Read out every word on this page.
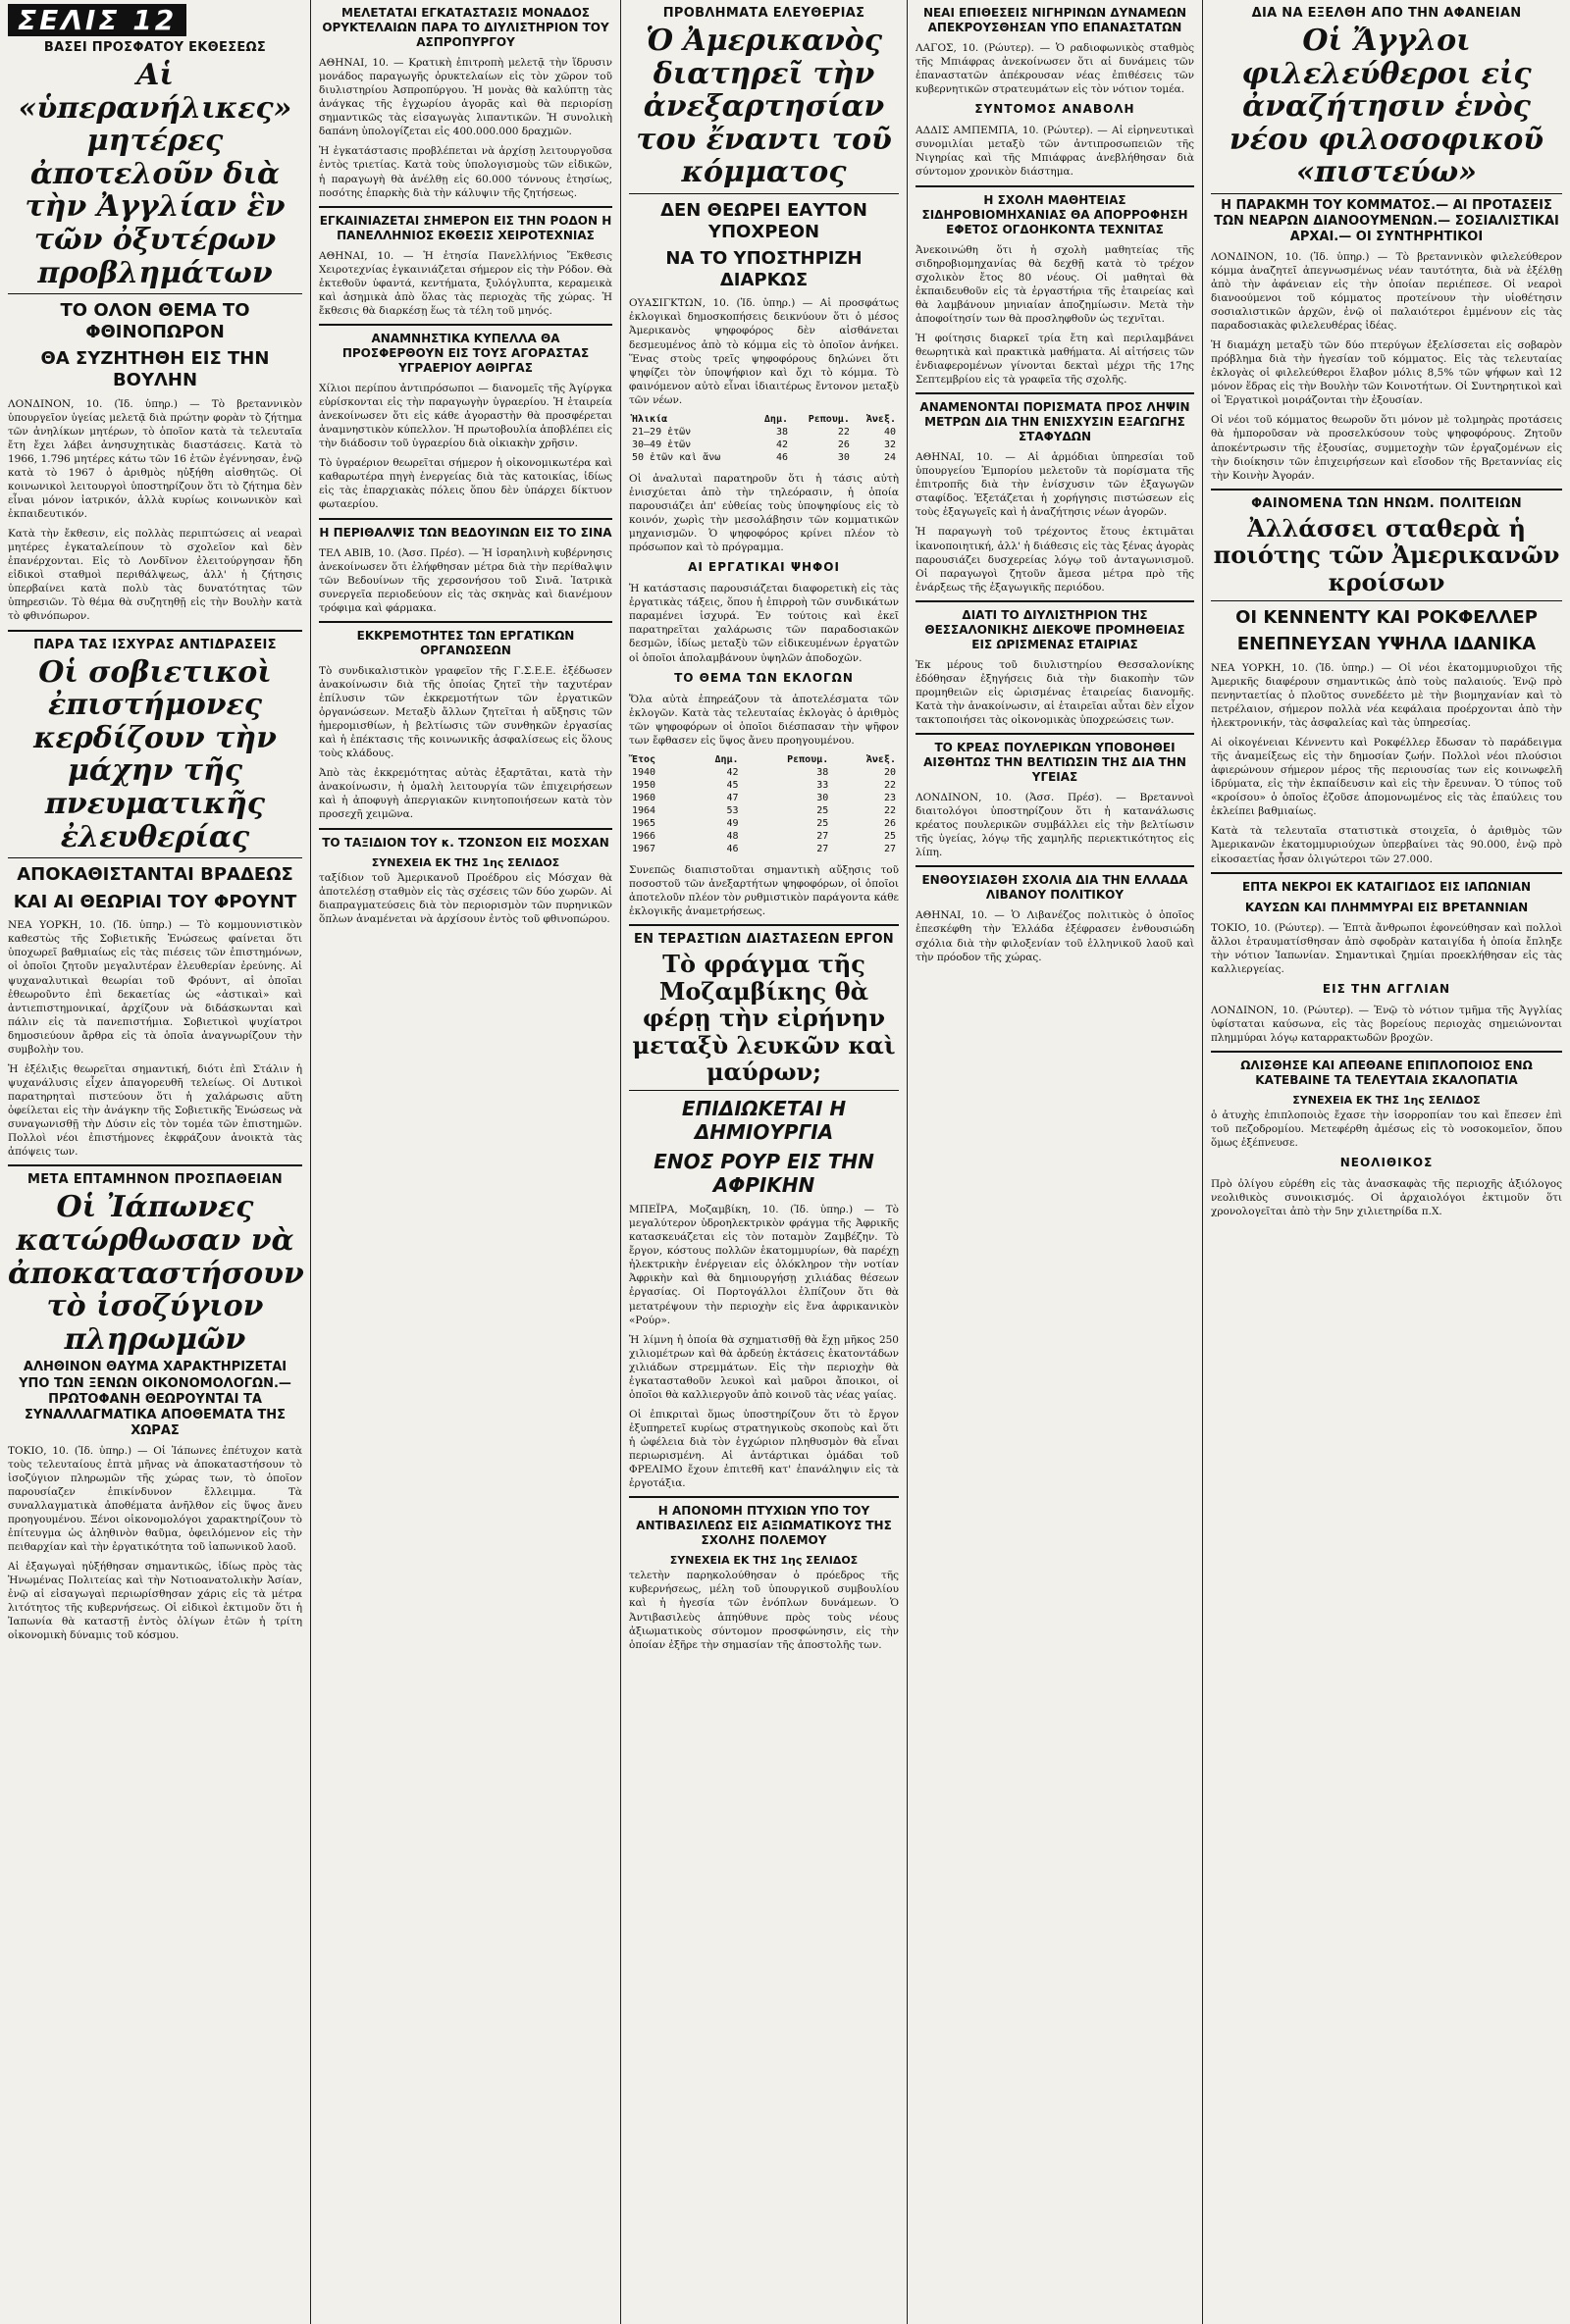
ΣΕΛΙΣ 12
ΒΑΣΕΙ ΠΡΟΣΦΑΤΟΥ ΕΚΘΕΣΕΩΣ
Αἱ «ὑπερανήλικες» μητέρες ἀποτελοῦν διὰ τὴν Ἀγγλίαν ἓν τῶν ὀξυτέρων προβλημάτων
ΤΟ ΟΛΟΝ ΘΕΜΑ ΤΟ ΦΘΙΝΟΠΩΡΟΝ
ΘΑ ΣΥΖΗΤΗΘΗ ΕΙΣ ΤΗΝ ΒΟΥΛΗΝ

ΛΟΝΔΙΝΟΝ, 10. (Ἰδ. ὑπηρ.) — Τὸ βρεταννικὸν ὑπουργεῖον ὑγείας μελετᾷ διὰ πρώτην φορὰν τὸ ζήτημα τῶν ἀνηλίκων μητέρων, τὸ ὁποῖον κατὰ τὰ τελευταῖα ἔτη ἔχει λάβει ἀνησυχητικὰς διαστάσεις. Κατὰ τὸ 1966, 1.796 μητέρες κάτω τῶν 16 ἐτῶν ἐγέννησαν, ἐνῷ κατὰ τὸ 1967 ὁ ἀριθμὸς ηὐξήθη αἰσθητῶς. Οἱ κοινωνικοὶ λειτουργοὶ ὑποστηρίζουν ὅτι τὸ ζήτημα δὲν εἶναι μόνον ἰατρικόν, ἀλλὰ κυρίως κοινωνικὸν καὶ ἐκπαιδευτικόν.

Κατὰ τὴν ἔκθεσιν, εἰς πολλὰς περιπτώσεις αἱ νεαραὶ μητέρες ἐγκαταλείπουν τὸ σχολεῖον καὶ δὲν ἐπανέρχονται. Εἰς τὸ Λονδῖνον ἐλειτούργησαν ἤδη εἰδικοὶ σταθμοὶ περιθάλψεως, ἀλλ' ἡ ζήτησις ὑπερβαίνει κατὰ πολὺ τὰς δυνατότητας τῶν ὑπηρεσιῶν. Τὸ θέμα θὰ συζητηθῇ εἰς τὴν Βουλὴν κατὰ τὸ φθινόπωρον.

ΠΑΡΑ ΤΑΣ ΙΣΧΥΡΑΣ ΑΝΤΙΔΡΑΣΕΙΣ
Οἱ σοβιετικοὶ ἐπιστήμονες κερδίζουν τὴν μάχην τῆς πνευματικῆς ἐλευθερίας
ΑΠΟΚΑΘΙΣΤΑΝΤΑΙ ΒΡΑΔΕΩΣ
ΚΑΙ ΑΙ ΘΕΩΡΙΑΙ ΤΟΥ ΦΡΟΥΝΤ

ΝΕΑ ΥΟΡΚΗ, 10. (Ἰδ. ὑπηρ.) — Τὸ κομμουνιστικὸν καθεστὼς τῆς Σοβιετικῆς Ἑνώσεως φαίνεται ὅτι ὑποχωρεῖ βαθμιαίως εἰς τὰς πιέσεις τῶν ἐπιστημόνων, οἱ ὁποῖοι ζητοῦν μεγαλυτέραν ἐλευθερίαν ἐρεύνης. Αἱ ψυχαναλυτικαὶ θεωρίαι τοῦ Φρόυντ, αἱ ὁποῖαι ἐθεωροῦντο ἐπὶ δεκαετίας ὡς «ἀστικαὶ» καὶ ἀντιεπιστημονικαί, ἀρχίζουν νὰ διδάσκωνται καὶ πάλιν εἰς τὰ πανεπιστήμια. Σοβιετικοὶ ψυχίατροι δημοσιεύουν ἄρθρα εἰς τὰ ὁποῖα ἀναγνωρίζουν τὴν συμβολὴν του.

Ἡ ἐξέλιξις θεωρεῖται σημαντική, διότι ἐπὶ Στάλιν ἡ ψυχανάλυσις εἶχεν ἀπαγορευθῆ τελείως. Οἱ Δυτικοὶ παρατηρηταὶ πιστεύουν ὅτι ἡ χαλάρωσις αὕτη ὀφείλεται εἰς τὴν ἀνάγκην τῆς Σοβιετικῆς Ἑνώσεως νὰ συναγωνισθῇ τὴν Δύσιν εἰς τὸν τομέα τῶν ἐπιστημῶν. Πολλοὶ νέοι ἐπιστήμονες ἐκφράζουν ἀνοικτὰ τὰς ἀπόψεις των.

ΜΕΤΑ ΕΠΤΑΜΗΝΟΝ ΠΡΟΣΠΑΘΕΙΑΝ
Οἱ Ἰάπωνες κατώρθωσαν νὰ ἀποκαταστήσουν τὸ ἰσοζύγιον πληρωμῶν
ΑΛΗΘΙΝΟΝ ΘΑΥΜΑ ΧΑΡΑΚΤΗΡΙΖΕΤΑΙ ΥΠΟ ΤΩΝ ΞΕΝΩΝ ΟΙΚΟΝΟΜΟΛΟΓΩΝ.— ΠΡΩΤΟΦΑΝΗ ΘΕΩΡΟΥΝΤΑΙ ΤΑ ΣΥΝΑΛΛΑΓΜΑΤΙΚΑ ΑΠΟΘΕΜΑΤΑ ΤΗΣ ΧΩΡΑΣ

ΤΟΚΙΟ, 10. (Ἰδ. ὑπηρ.) — Οἱ Ἰάπωνες ἐπέτυχον κατὰ τοὺς τελευταίους ἑπτὰ μῆνας νὰ ἀποκαταστήσουν τὸ ἰσοζύγιον πληρωμῶν τῆς χώρας των, τὸ ὁποῖον παρουσίαζεν ἐπικίνδυνον ἔλλειμμα. Τὰ συναλλαγματικὰ ἀποθέματα ἀνῆλθον εἰς ὕψος ἄνευ προηγουμένου. Ξένοι οἰκονομολόγοι χαρακτηρίζουν τὸ ἐπίτευγμα ὡς ἀληθινὸν θαῦμα, ὀφειλόμενον εἰς τὴν πειθαρχίαν καὶ τὴν ἐργατικότητα τοῦ ἰαπωνικοῦ λαοῦ.

Αἱ ἐξαγωγαὶ ηὐξήθησαν σημαντικῶς, ἰδίως πρὸς τὰς Ἡνωμένας Πολιτείας καὶ τὴν Νοτιοανατολικὴν Ἀσίαν, ἐνῷ αἱ εἰσαγωγαὶ περιωρίσθησαν χάρις εἰς τὰ μέτρα λιτότητος τῆς κυβερνήσεως. Οἱ εἰδικοὶ ἐκτιμοῦν ὅτι ἡ Ἰαπωνία θὰ καταστῇ ἐντὸς ὀλίγων ἐτῶν ἡ τρίτη οἰκονομικὴ δύναμις τοῦ κόσμου.

ΜΕΛΕΤΑΤΑΙ ΕΓΚΑΤΑΣΤΑΣΙΣ ΜΟΝΑΔΟΣ ΟΡΥΚΤΕΛΑΙΩΝ ΠΑΡΑ ΤΟ ΔΙΥΛΙΣΤΗΡΙΟΝ ΤΟΥ ΑΣΠΡΟΠΥΡΓΟΥ

ΑΘΗΝΑΙ, 10. — Κρατικὴ ἐπιτροπὴ μελετᾷ τὴν ἵδρυσιν μονάδος παραγωγῆς ὀρυκτελαίων εἰς τὸν χῶρον τοῦ διυλιστηρίου Ἀσπροπύργου. Ἡ μονὰς θὰ καλύπτῃ τὰς ἀνάγκας τῆς ἐγχωρίου ἀγορᾶς καὶ θὰ περιορίσῃ σημαντικῶς τὰς εἰσαγωγὰς λιπαντικῶν. Ἡ συνολικὴ δαπάνη ὑπολογίζεται εἰς 400.000.000 δραχμῶν.

Ἡ ἐγκατάστασις προβλέπεται νὰ ἀρχίσῃ λειτουργοῦσα ἐντὸς τριετίας. Κατὰ τοὺς ὑπολογισμοὺς τῶν εἰδικῶν, ἡ παραγωγὴ θὰ ἀνέλθῃ εἰς 60.000 τόννους ἐτησίως, ποσότης ἐπαρκὴς διὰ τὴν κάλυψιν τῆς ζητήσεως.

ΕΓΚΑΙΝΙΑΖΕΤΑΙ ΣΗΜΕΡΟΝ ΕΙΣ ΤΗΝ ΡΟΔΟΝ Η ΠΑΝΕΛΛΗΝΙΟΣ ΕΚΘΕΣΙΣ ΧΕΙΡΟΤΕΧΝΙΑΣ

ΑΘΗΝΑΙ, 10. — Ἡ ἐτησία Πανελλήνιος Ἔκθεσις Χειροτεχνίας ἐγκαινιάζεται σήμερον εἰς τὴν Ρόδον. Θὰ ἐκτεθοῦν ὑφαντά, κεντήματα, ξυλόγλυπτα, κεραμεικὰ καὶ ἀσημικὰ ἀπὸ ὅλας τὰς περιοχὰς τῆς χώρας. Ἡ ἔκθεσις θὰ διαρκέσῃ ἕως τὰ τέλη τοῦ μηνός.

ΑΝΑΜΝΗΣΤΙΚΑ ΚΥΠΕΛΛΑ ΘΑ ΠΡΟΣΦΕΡΘΟΥΝ ΕΙΣ ΤΟΥΣ ΑΓΟΡΑΣΤΑΣ ΥΓΡΑΕΡΙΟΥ ΑΘΙΡΓΑΣ

Χίλιοι περίπου ἀντιπρόσωποι — διανομεῖς τῆς Ἀγίργκα εὑρίσκονται εἰς τὴν παραγωγὴν ὑγραερίου. Ἡ ἑταιρεία ἀνεκοίνωσεν ὅτι εἰς κάθε ἀγοραστὴν θὰ προσφέρεται ἀναμνηστικὸν κύπελλον. Ἡ πρωτοβουλία ἀποβλέπει εἰς τὴν διάδοσιν τοῦ ὑγραερίου διὰ οἰκιακὴν χρῆσιν.

Τὸ ὑγραέριον θεωρεῖται σήμερον ἡ οἰκονομικωτέρα καὶ καθαρωτέρα πηγὴ ἐνεργείας διὰ τὰς κατοικίας, ἰδίως εἰς τὰς ἐπαρχιακὰς πόλεις ὅπου δὲν ὑπάρχει δίκτυον φωταερίου.

Η ΠΕΡΙΘΑΛΨΙΣ ΤΩΝ ΒΕΔΟΥΙΝΩΝ ΕΙΣ ΤΟ ΣΙΝΑ

ΤΕΛ ΑΒΙΒ, 10. (Ἀσσ. Πρέσ). — Ἡ ἰσραηλινὴ κυβέρνησις ἀνεκοίνωσεν ὅτι ἐλήφθησαν μέτρα διὰ τὴν περίθαλψιν τῶν Βεδουίνων τῆς χερσονήσου τοῦ Σινᾶ. Ἰατρικὰ συνεργεῖα περιοδεύουν εἰς τὰς σκηνὰς καὶ διανέμουν τρόφιμα καὶ φάρμακα.

ΕΚΚΡΕΜΟΤΗΤΕΣ ΤΩΝ ΕΡΓΑΤΙΚΩΝ ΟΡΓΑΝΩΣΕΩΝ

Τὸ συνδικαλιστικὸν γραφεῖον τῆς Γ.Σ.Ε.Ε. ἐξέδωσεν ἀνακοίνωσιν διὰ τῆς ὁποίας ζητεῖ τὴν ταχυτέραν ἐπίλυσιν τῶν ἐκκρεμοτήτων τῶν ἐργατικῶν ὀργανώσεων. Μεταξὺ ἄλλων ζητεῖται ἡ αὔξησις τῶν ἡμερομισθίων, ἡ βελτίωσις τῶν συνθηκῶν ἐργασίας καὶ ἡ ἐπέκτασις τῆς κοινωνικῆς ἀσφαλίσεως εἰς ὅλους τοὺς κλάδους.

Ἀπὸ τὰς ἐκκρεμότητας αὐτὰς ἐξαρτᾶται, κατὰ τὴν ἀνακοίνωσιν, ἡ ὁμαλὴ λειτουργία τῶν ἐπιχειρήσεων καὶ ἡ ἀποφυγὴ ἀπεργιακῶν κινητοποιήσεων κατὰ τὸν προσεχῆ χειμῶνα.

ΤΟ ΤΑΞΙΔΙΟΝ ΤΟΥ κ. ΤΖΟΝΣΟΝ ΕΙΣ ΜΟΣΧΑΝ
ΣΥΝΕΧΕΙΑ ΕΚ ΤΗΣ 1ης ΣΕΛΙΔΟΣ

ταξίδιον τοῦ Ἀμερικανοῦ Προέδρου εἰς Μόσχαν θὰ ἀποτελέσῃ σταθμὸν εἰς τὰς σχέσεις τῶν δύο χωρῶν. Αἱ διαπραγματεύσεις διὰ τὸν περιορισμὸν τῶν πυρηνικῶν ὅπλων ἀναμένεται νὰ ἀρχίσουν ἐντὸς τοῦ φθινοπώρου.

ΠΡΟΒΛΗΜΑΤΑ ΕΛΕΥΘΕΡΙΑΣ
Ὁ Ἀμερικανὸς διατηρεῖ τὴν ἀνεξαρτησίαν του ἔναντι τοῦ κόμματος
ΔΕΝ ΘΕΩΡΕΙ ΕΑΥΤΟΝ ΥΠΟΧΡΕΟΝ
ΝΑ ΤΟ ΥΠΟΣΤΗΡΙΖΗ ΔΙΑΡΚΩΣ

ΟΥΑΣΙΓΚΤΩΝ, 10. (Ἰδ. ὑπηρ.) — Αἱ προσφάτως ἐκλογικαὶ δημοσκοπήσεις δεικνύουν ὅτι ὁ μέσος Ἀμερικανὸς ψηφοφόρος δὲν αἰσθάνεται δεσμευμένος ἀπὸ τὸ κόμμα εἰς τὸ ὁποῖον ἀνήκει. Ἕνας στοὺς τρεῖς ψηφοφόρους δηλώνει ὅτι ψηφίζει τὸν ὑποψήφιον καὶ ὄχι τὸ κόμμα. Τὸ φαινόμενον αὐτὸ εἶναι ἰδιαιτέρως ἔντονον μεταξὺ τῶν νέων.

Ἡλικία	Δημ.	Ρεπουμ.	Ἀνεξ.
21—29 ἐτῶν	38	22	40
30—49 ἐτῶν	42	26	32
50 ἐτῶν καὶ ἄνω	46	30	24

Οἱ ἀναλυταὶ παρατηροῦν ὅτι ἡ τάσις αὐτὴ ἐνισχύεται ἀπὸ τὴν τηλεόρασιν, ἡ ὁποία παρουσιάζει ἀπ' εὐθείας τοὺς ὑποψηφίους εἰς τὸ κοινόν, χωρὶς τὴν μεσολάβησιν τῶν κομματικῶν μηχανισμῶν. Ὁ ψηφοφόρος κρίνει πλέον τὸ πρόσωπον καὶ τὸ πρόγραμμα.

ΑΙ ΕΡΓΑΤΙΚΑΙ ΨΗΦΟΙ

Ἡ κατάστασις παρουσιάζεται διαφορετικὴ εἰς τὰς ἐργατικὰς τάξεις, ὅπου ἡ ἐπιρροὴ τῶν συνδικάτων παραμένει ἰσχυρά. Ἐν τούτοις καὶ ἐκεῖ παρατηρεῖται χαλάρωσις τῶν παραδοσιακῶν δεσμῶν, ἰδίως μεταξὺ τῶν εἰδικευμένων ἐργατῶν οἱ ὁποῖοι ἀπολαμβάνουν ὑψηλῶν ἀποδοχῶν.

ΤΟ ΘΕΜΑ ΤΩΝ ΕΚΛΟΓΩΝ

Ὅλα αὐτὰ ἐπηρεάζουν τὰ ἀποτελέσματα τῶν ἐκλογῶν. Κατὰ τὰς τελευταίας ἐκλογὰς ὁ ἀριθμὸς τῶν ψηφοφόρων οἱ ὁποῖοι διέσπασαν τὴν ψῆφον των ἔφθασεν εἰς ὕψος ἄνευ προηγουμένου.

Ἔτος	Δημ.	Ρεπουμ.	Ἀνεξ.
1940	42	38	20
1950	45	33	22
1960	47	30	23
1964	53	25	22
1965	49	25	26
1966	48	27	25
1967	46	27	27

Συνεπῶς διαπιστοῦται σημαντικὴ αὔξησις τοῦ ποσοστοῦ τῶν ἀνεξαρτήτων ψηφοφόρων, οἱ ὁποῖοι ἀποτελοῦν πλέον τὸν ρυθμιστικὸν παράγοντα κάθε ἐκλογικῆς ἀναμετρήσεως.

ΕΝ ΤΕΡΑΣΤΙΩΝ ΔΙΑΣΤΑΣΕΩΝ ΕΡΓΟΝ
Τὸ φράγμα τῆς Μοζαμβίκης θὰ φέρῃ τὴν εἰρήνην μεταξὺ λευκῶν καὶ μαύρων;
ΕΠΙΔΙΩΚΕΤΑΙ Η ΔΗΜΙΟΥΡΓΙΑ
ΕΝΟΣ ΡΟΥΡ ΕΙΣ ΤΗΝ ΑΦΡΙΚΗΝ

ΜΠΕΪΡΑ, Μοζαμβίκη, 10. (Ἰδ. ὑπηρ.) — Τὸ μεγαλύτερον ὑδροηλεκτρικὸν φράγμα τῆς Ἀφρικῆς κατασκευάζεται εἰς τὸν ποταμὸν Ζαμβέζην. Τὸ ἔργον, κόστους πολλῶν ἑκατομμυρίων, θὰ παρέχῃ ἠλεκτρικὴν ἐνέργειαν εἰς ὁλόκληρον τὴν νοτίαν Ἀφρικὴν καὶ θὰ δημιουργήσῃ χιλιάδας θέσεων ἐργασίας. Οἱ Πορτογάλλοι ἐλπίζουν ὅτι θὰ μετατρέψουν τὴν περιοχὴν εἰς ἕνα ἀφρικανικὸν «Ρούρ».

Ἡ λίμνη ἡ ὁποία θὰ σχηματισθῇ θὰ ἔχῃ μῆκος 250 χιλιομέτρων καὶ θὰ ἀρδεύῃ ἐκτάσεις ἑκατοντάδων χιλιάδων στρεμμάτων. Εἰς τὴν περιοχὴν θὰ ἐγκατασταθοῦν λευκοὶ καὶ μαῦροι ἄποικοι, οἱ ὁποῖοι θὰ καλλιεργοῦν ἀπὸ κοινοῦ τὰς νέας γαίας.

Οἱ ἐπικριταὶ ὅμως ὑποστηρίζουν ὅτι τὸ ἔργον ἐξυπηρετεῖ κυρίως στρατηγικοὺς σκοποὺς καὶ ὅτι ἡ ὠφέλεια διὰ τὸν ἐγχώριον πληθυσμὸν θὰ εἶναι περιωρισμένη. Αἱ ἀντάρτικαι ὁμάδαι τοῦ ΦΡΕΛΙΜΟ ἔχουν ἐπιτεθῆ κατ' ἐπανάληψιν εἰς τὰ ἐργοτάξια.

Η ΑΠΟΝΟΜΗ ΠΤΥΧΙΩΝ ΥΠΟ ΤΟΥ ΑΝΤΙΒΑΣΙΛΕΩΣ ΕΙΣ ΑΞΙΩΜΑΤΙΚΟΥΣ ΤΗΣ ΣΧΟΛΗΣ ΠΟΛΕΜΟΥ
ΣΥΝΕΧΕΙΑ ΕΚ ΤΗΣ 1ης ΣΕΛΙΔΟΣ

τελετὴν παρηκολούθησαν ὁ πρόεδρος τῆς κυβερνήσεως, μέλη τοῦ ὑπουργικοῦ συμβουλίου καὶ ἡ ἡγεσία τῶν ἐνόπλων δυνάμεων. Ὁ Ἀντιβασιλεὺς ἀπηύθυνε πρὸς τοὺς νέους ἀξιωματικοὺς σύντομον προσφώνησιν, εἰς τὴν ὁποίαν ἐξῆρε τὴν σημασίαν τῆς ἀποστολῆς των.

ΝΕΑΙ ΕΠΙΘΕΣΕΙΣ ΝΙΓΗΡΙΝΩΝ ΔΥΝΑΜΕΩΝ ΑΠΕΚΡΟΥΣΘΗΣΑΝ ΥΠΟ ΕΠΑΝΑΣΤΑΤΩΝ

ΛΑΓΟΣ, 10. (Ρώυτερ). — Ὁ ραδιοφωνικὸς σταθμὸς τῆς Μπιάφρας ἀνεκοίνωσεν ὅτι αἱ δυνάμεις τῶν ἐπαναστατῶν ἀπέκρουσαν νέας ἐπιθέσεις τῶν κυβερνητικῶν στρατευμάτων εἰς τὸν νότιον τομέα.

ΣΥΝΤΟΜΟΣ ΑΝΑΒΟΛΗ

ΑΔΔΙΣ ΑΜΠΕΜΠΑ, 10. (Ρώυτερ). — Αἱ εἰρηνευτικαὶ συνομιλίαι μεταξὺ τῶν ἀντιπροσωπειῶν τῆς Νιγηρίας καὶ τῆς Μπιάφρας ἀνεβλήθησαν διὰ σύντομον χρονικὸν διάστημα.

Η ΣΧΟΛΗ ΜΑΘΗΤΕΙΑΣ ΣΙΔΗΡΟΒΙΟΜΗΧΑΝΙΑΣ ΘΑ ΑΠΟΡΡΟΦΗΣΗ ΕΦΕΤΟΣ ΟΓΔΟΗΚΟΝΤΑ ΤΕΧΝΙΤΑΣ

Ἀνεκοινώθη ὅτι ἡ σχολὴ μαθητείας τῆς σιδηροβιομηχανίας θὰ δεχθῇ κατὰ τὸ τρέχον σχολικὸν ἔτος 80 νέους. Οἱ μαθηταὶ θὰ ἐκπαιδευθοῦν εἰς τὰ ἐργαστήρια τῆς ἑταιρείας καὶ θὰ λαμβάνουν μηνιαίαν ἀποζημίωσιν. Μετὰ τὴν ἀποφοίτησίν των θὰ προσληφθοῦν ὡς τεχνῖται.

Ἡ φοίτησις διαρκεῖ τρία ἔτη καὶ περιλαμβάνει θεωρητικὰ καὶ πρακτικὰ μαθήματα. Αἱ αἰτήσεις τῶν ἐνδιαφερομένων γίνονται δεκταὶ μέχρι τῆς 17ης Σεπτεμβρίου εἰς τὰ γραφεῖα τῆς σχολῆς.

ΑΝΑΜΕΝΟΝΤΑΙ ΠΟΡΙΣΜΑΤΑ ΠΡΟΣ ΛΗΨΙΝ ΜΕΤΡΩΝ ΔΙΑ ΤΗΝ ΕΝΙΣΧΥΣΙΝ ΕΞΑΓΩΓΗΣ ΣΤΑΦΥΔΩΝ

ΑΘΗΝΑΙ, 10. — Αἱ ἁρμόδιαι ὑπηρεσίαι τοῦ ὑπουργείου Ἐμπορίου μελετοῦν τὰ πορίσματα τῆς ἐπιτροπῆς διὰ τὴν ἐνίσχυσιν τῶν ἐξαγωγῶν σταφίδος. Ἐξετάζεται ἡ χορήγησις πιστώσεων εἰς τοὺς ἐξαγωγεῖς καὶ ἡ ἀναζήτησις νέων ἀγορῶν.

Ἡ παραγωγὴ τοῦ τρέχοντος ἔτους ἐκτιμᾶται ἱκανοποιητική, ἀλλ' ἡ διάθεσις εἰς τὰς ξένας ἀγορὰς παρουσιάζει δυσχερείας λόγῳ τοῦ ἀνταγωνισμοῦ. Οἱ παραγωγοὶ ζητοῦν ἄμεσα μέτρα πρὸ τῆς ἐνάρξεως τῆς ἐξαγωγικῆς περιόδου.

ΔΙΑΤΙ ΤΟ ΔΙΥΛΙΣΤΗΡΙΟΝ ΤΗΣ ΘΕΣΣΑΛΟΝΙΚΗΣ ΔΙΕΚΟΨΕ ΠΡΟΜΗΘΕΙΑΣ ΕΙΣ ΩΡΙΣΜΕΝΑΣ ΕΤΑΙΡΙΑΣ

Ἐκ μέρους τοῦ διυλιστηρίου Θεσσαλονίκης ἐδόθησαν ἐξηγήσεις διὰ τὴν διακοπὴν τῶν προμηθειῶν εἰς ὡρισμένας ἑταιρείας διανομῆς. Κατὰ τὴν ἀνακοίνωσιν, αἱ ἑταιρεῖαι αὗται δὲν εἶχον τακτοποιήσει τὰς οἰκονομικὰς ὑποχρεώσεις των.

ΤΟ ΚΡΕΑΣ ΠΟΥΛΕΡΙΚΩΝ ΥΠΟΒΟΗΘΕΙ ΑΙΣΘΗΤΩΣ ΤΗΝ ΒΕΛΤΙΩΣΙΝ ΤΗΣ ΔΙΑ ΤΗΝ ΥΓΕΙΑΣ

ΛΟΝΔΙΝΟΝ, 10. (Ἀσσ. Πρέσ). — Βρεταννοὶ διαιτολόγοι ὑποστηρίζουν ὅτι ἡ κατανάλωσις κρέατος πουλερικῶν συμβάλλει εἰς τὴν βελτίωσιν τῆς ὑγείας, λόγῳ τῆς χαμηλῆς περιεκτικότητος εἰς λίπη.

ΕΝΘΟΥΣΙΑΣΘΗ ΣΧΟΛΙΑ ΔΙΑ ΤΗΝ ΕΛΛΑΔΑ ΛΙΒΑΝΟΥ ΠΟΛΙΤΙΚΟΥ

ΑΘΗΝΑΙ, 10. — Ὁ Λιβανέζος πολιτικὸς ὁ ὁποῖος ἐπεσκέφθη τὴν Ἑλλάδα ἐξέφρασεν ἐνθουσιώδη σχόλια διὰ τὴν φιλοξενίαν τοῦ ἑλληνικοῦ λαοῦ καὶ τὴν πρόοδον τῆς χώρας.

ΔΙΑ ΝΑ ΕΞΕΛΘΗ ΑΠΟ ΤΗΝ ΑΦΑΝΕΙΑΝ
Οἱ Ἄγγλοι φιλελεύθεροι εἰς ἀναζήτησιν ἑνὸς νέου φιλοσοφικοῦ «πιστεύω»
Η ΠΑΡΑΚΜΗ ΤΟΥ ΚΟΜΜΑΤΟΣ.— ΑΙ ΠΡΟΤΑΣΕΙΣ ΤΩΝ ΝΕΑΡΩΝ ΔΙΑΝΟΟΥΜΕΝΩΝ.— ΣΟΣΙΑΛΙΣΤΙΚΑΙ ΑΡΧΑΙ.— ΟΙ ΣΥΝΤΗΡΗΤΙΚΟΙ

ΛΟΝΔΙΝΟΝ, 10. (Ἰδ. ὑπηρ.) — Τὸ βρεταννικὸν φιλελεύθερον κόμμα ἀναζητεῖ ἀπεγνωσμένως νέαν ταυτότητα, διὰ νὰ ἐξέλθῃ ἀπὸ τὴν ἀφάνειαν εἰς τὴν ὁποίαν περιέπεσε. Οἱ νεαροὶ διανοούμενοι τοῦ κόμματος προτείνουν τὴν υἱοθέτησιν σοσιαλιστικῶν ἀρχῶν, ἐνῷ οἱ παλαιότεροι ἐμμένουν εἰς τὰς παραδοσιακὰς φιλελευθέρας ἰδέας.

Ἡ διαμάχη μεταξὺ τῶν δύο πτερύγων ἐξελίσσεται εἰς σοβαρὸν πρόβλημα διὰ τὴν ἡγεσίαν τοῦ κόμματος. Εἰς τὰς τελευταίας ἐκλογὰς οἱ φιλελεύθεροι ἔλαβον μόλις 8,5% τῶν ψήφων καὶ 12 μόνον ἕδρας εἰς τὴν Βουλὴν τῶν Κοινοτήτων. Οἱ Συντηρητικοὶ καὶ οἱ Ἐργατικοὶ μοιράζονται τὴν ἐξουσίαν.

Οἱ νέοι τοῦ κόμματος θεωροῦν ὅτι μόνον μὲ τολμηρὰς προτάσεις θὰ ἠμποροῦσαν νὰ προσελκύσουν τοὺς ψηφοφόρους. Ζητοῦν ἀποκέντρωσιν τῆς ἐξουσίας, συμμετοχὴν τῶν ἐργαζομένων εἰς τὴν διοίκησιν τῶν ἐπιχειρήσεων καὶ εἴσοδον τῆς Βρεταννίας εἰς τὴν Κοινὴν Ἀγοράν.

ΦΑΙΝΟΜΕΝΑ ΤΩΝ ΗΝΩΜ. ΠΟΛΙΤΕΙΩΝ
Ἀλλάσσει σταθερὰ ἡ ποιότης τῶν Ἀμερικανῶν κροίσων
ΟΙ ΚΕΝΝΕΝΤΥ ΚΑΙ ΡΟΚΦΕΛΛΕΡ
ΕΝΕΠΝΕΥΣΑΝ ΥΨΗΛΑ ΙΔΑΝΙΚΑ

ΝΕΑ ΥΟΡΚΗ, 10. (Ἰδ. ὑπηρ.) — Οἱ νέοι ἑκατομμυριοῦχοι τῆς Ἀμερικῆς διαφέρουν σημαντικῶς ἀπὸ τοὺς παλαιούς. Ἐνῷ πρὸ πενηνταετίας ὁ πλοῦτος συνεδέετο μὲ τὴν βιομηχανίαν καὶ τὸ πετρέλαιον, σήμερον πολλὰ νέα κεφάλαια προέρχονται ἀπὸ τὴν ἠλεκτρονικήν, τὰς ἀσφαλείας καὶ τὰς ὑπηρεσίας.

Αἱ οἰκογένειαι Κέννεντυ καὶ Ροκφέλλερ ἔδωσαν τὸ παράδειγμα τῆς ἀναμείξεως εἰς τὴν δημοσίαν ζωήν. Πολλοὶ νέοι πλούσιοι ἀφιερώνουν σήμερον μέρος τῆς περιουσίας των εἰς κοινωφελῆ ἱδρύματα, εἰς τὴν ἐκπαίδευσιν καὶ εἰς τὴν ἔρευναν. Ὁ τύπος τοῦ «κροίσου» ὁ ὁποῖος ἐζοῦσε ἀπομονωμένος εἰς τὰς ἐπαύλεις του ἐκλείπει βαθμιαίως.

Κατὰ τὰ τελευταῖα στατιστικὰ στοιχεῖα, ὁ ἀριθμὸς τῶν Ἀμερικανῶν ἑκατομμυριούχων ὑπερβαίνει τὰς 90.000, ἐνῷ πρὸ εἰκοσαετίας ἦσαν ὀλιγώτεροι τῶν 27.000.

ΕΠΤΑ ΝΕΚΡΟΙ ΕΚ ΚΑΤΑΙΓΙΔΟΣ ΕΙΣ ΙΑΠΩΝΙΑΝ
ΚΑΥΣΩΝ ΚΑΙ ΠΛΗΜΜΥΡΑΙ ΕΙΣ ΒΡΕΤΑΝΝΙΑΝ

ΤΟΚΙΟ, 10. (Ρώυτερ). — Ἑπτὰ ἄνθρωποι ἐφονεύθησαν καὶ πολλοὶ ἄλλοι ἐτραυματίσθησαν ἀπὸ σφοδρὰν καταιγίδα ἡ ὁποία ἔπληξε τὴν νότιον Ἰαπωνίαν. Σημαντικαὶ ζημίαι προεκλήθησαν εἰς τὰς καλλιεργείας.

ΕΙΣ ΤΗΝ ΑΓΓΛΙΑΝ

ΛΟΝΔΙΝΟΝ, 10. (Ρώυτερ). — Ἐνῷ τὸ νότιον τμῆμα τῆς Ἀγγλίας ὑφίσταται καύσωνα, εἰς τὰς βορείους περιοχὰς σημειώνονται πλημμύραι λόγῳ καταρρακτωδῶν βροχῶν.

ΩΛΙΣΘΗΣΕ ΚΑΙ ΑΠΕΘΑΝΕ ΕΠΙΠΛΟΠΟΙΟΣ ΕΝΩ ΚΑΤΕΒΑΙΝΕ ΤΑ ΤΕΛΕΥΤΑΙΑ ΣΚΑΛΟΠΑΤΙΑ
ΣΥΝΕΧΕΙΑ ΕΚ ΤΗΣ 1ης ΣΕΛΙΔΟΣ

ὁ ἀτυχὴς ἐπιπλοποιὸς ἔχασε τὴν ἰσορροπίαν του καὶ ἔπεσεν ἐπὶ τοῦ πεζοδρομίου. Μετεφέρθη ἀμέσως εἰς τὸ νοσοκομεῖον, ὅπου ὅμως ἐξέπνευσε.

ΝΕΟΛΙΘΙΚΟΣ

Πρὸ ὀλίγου εὑρέθη εἰς τὰς ἀνασκαφὰς τῆς περιοχῆς ἀξιόλογος νεολιθικὸς συνοικισμός. Οἱ ἀρχαιολόγοι ἐκτιμοῦν ὅτι χρονολογεῖται ἀπὸ τὴν 5ην χιλιετηρίδα π.Χ.
